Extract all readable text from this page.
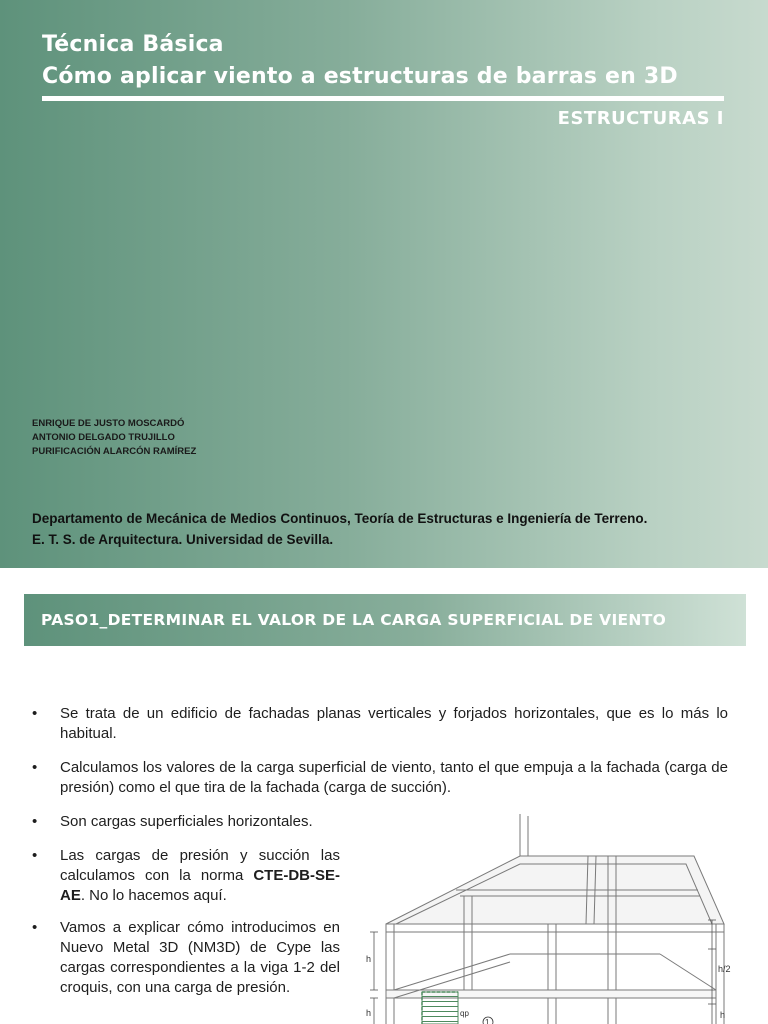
Técnica Básica
Cómo aplicar viento a estructuras de barras en 3D
ESTRUCTURAS I
ENRIQUE DE JUSTO MOSCARDÓ
ANTONIO DELGADO TRUJILLO
PURIFICACIÓN ALARCÓN RAMÍREZ
Departamento de Mecánica de Medios Continuos, Teoría de Estructuras e Ingeniería de Terreno.
E. T. S. de Arquitectura. Universidad de Sevilla.
PASO1_DETERMINAR EL VALOR DE LA CARGA SUPERFICIAL DE VIENTO
• Se trata de un edificio de fachadas planas verticales y forjados horizontales, que es lo más lo habitual.
• Calculamos los valores de la carga superficial de viento, tanto el que empuja a la fachada (carga de presión) como el que tira de la fachada (carga de succión).
• Son cargas superficiales horizontales.
• Las cargas de presión y succión las calculamos con la norma CTE-DB-SE-AE. No lo hacemos aquí.
• Vamos a explicar cómo introducimos en Nuevo Metal 3D (NM3D) de Cype las cargas correspondientes a la viga 1-2 del croquis, con una carga de presión.
h
h
h/2
h
qp
1
